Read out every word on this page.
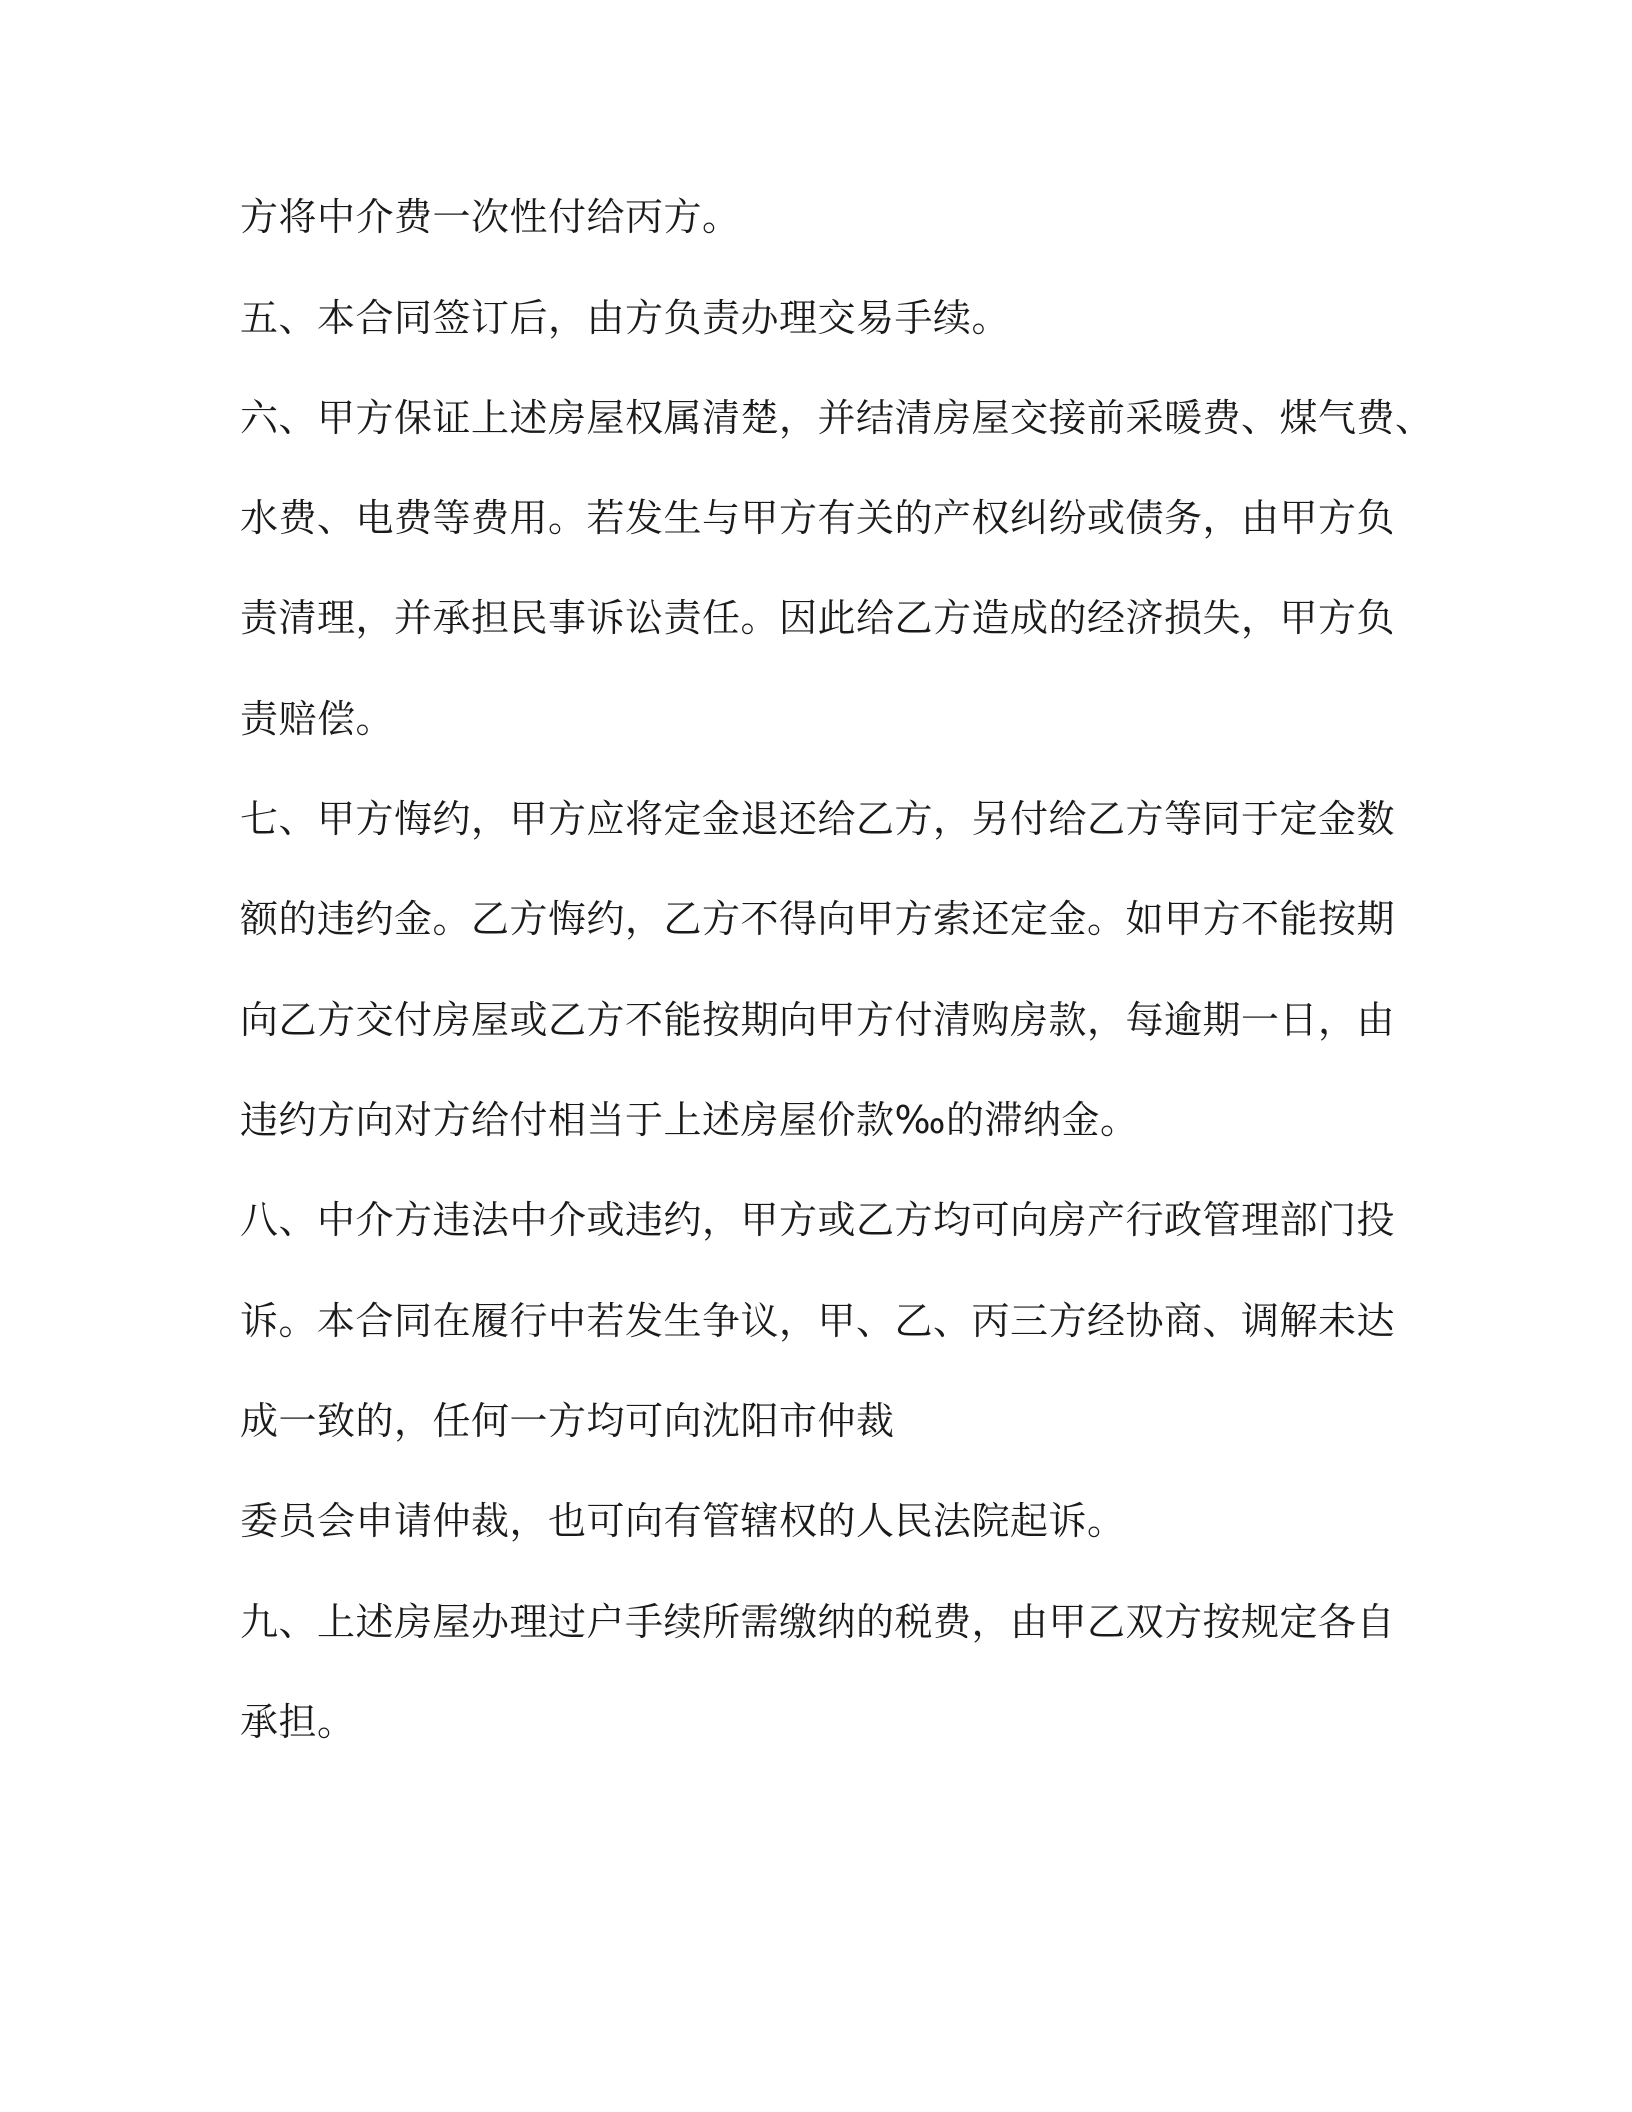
方将中介费一次性付给丙方。
五、本合同签订后，由方负责办理交易手续。
六、甲方保证上述房屋权属清楚，并结清房屋交接前采暖费、煤气费、
水费、电费等费用。若发生与甲方有关的产权纠纷或债务，由甲方负
责清理，并承担民事诉讼责任。因此给乙方造成的经济损失，甲方负
责赔偿。
七、甲方悔约，甲方应将定金退还给乙方，另付给乙方等同于定金数
额的违约金。乙方悔约，乙方不得向甲方索还定金。如甲方不能按期
向乙方交付房屋或乙方不能按期向甲方付清购房款，每逾期一日，由
违约方向对方给付相当于上述房屋价款‰的滞纳金。
八、中介方违法中介或违约，甲方或乙方均可向房产行政管理部门投
诉。本合同在履行中若发生争议，甲、乙、丙三方经协商、调解未达
成一致的，任何一方均可向沈阳市仲裁
委员会申请仲裁，也可向有管辖权的人民法院起诉。
九、上述房屋办理过户手续所需缴纳的税费，由甲乙双方按规定各自
承担。
